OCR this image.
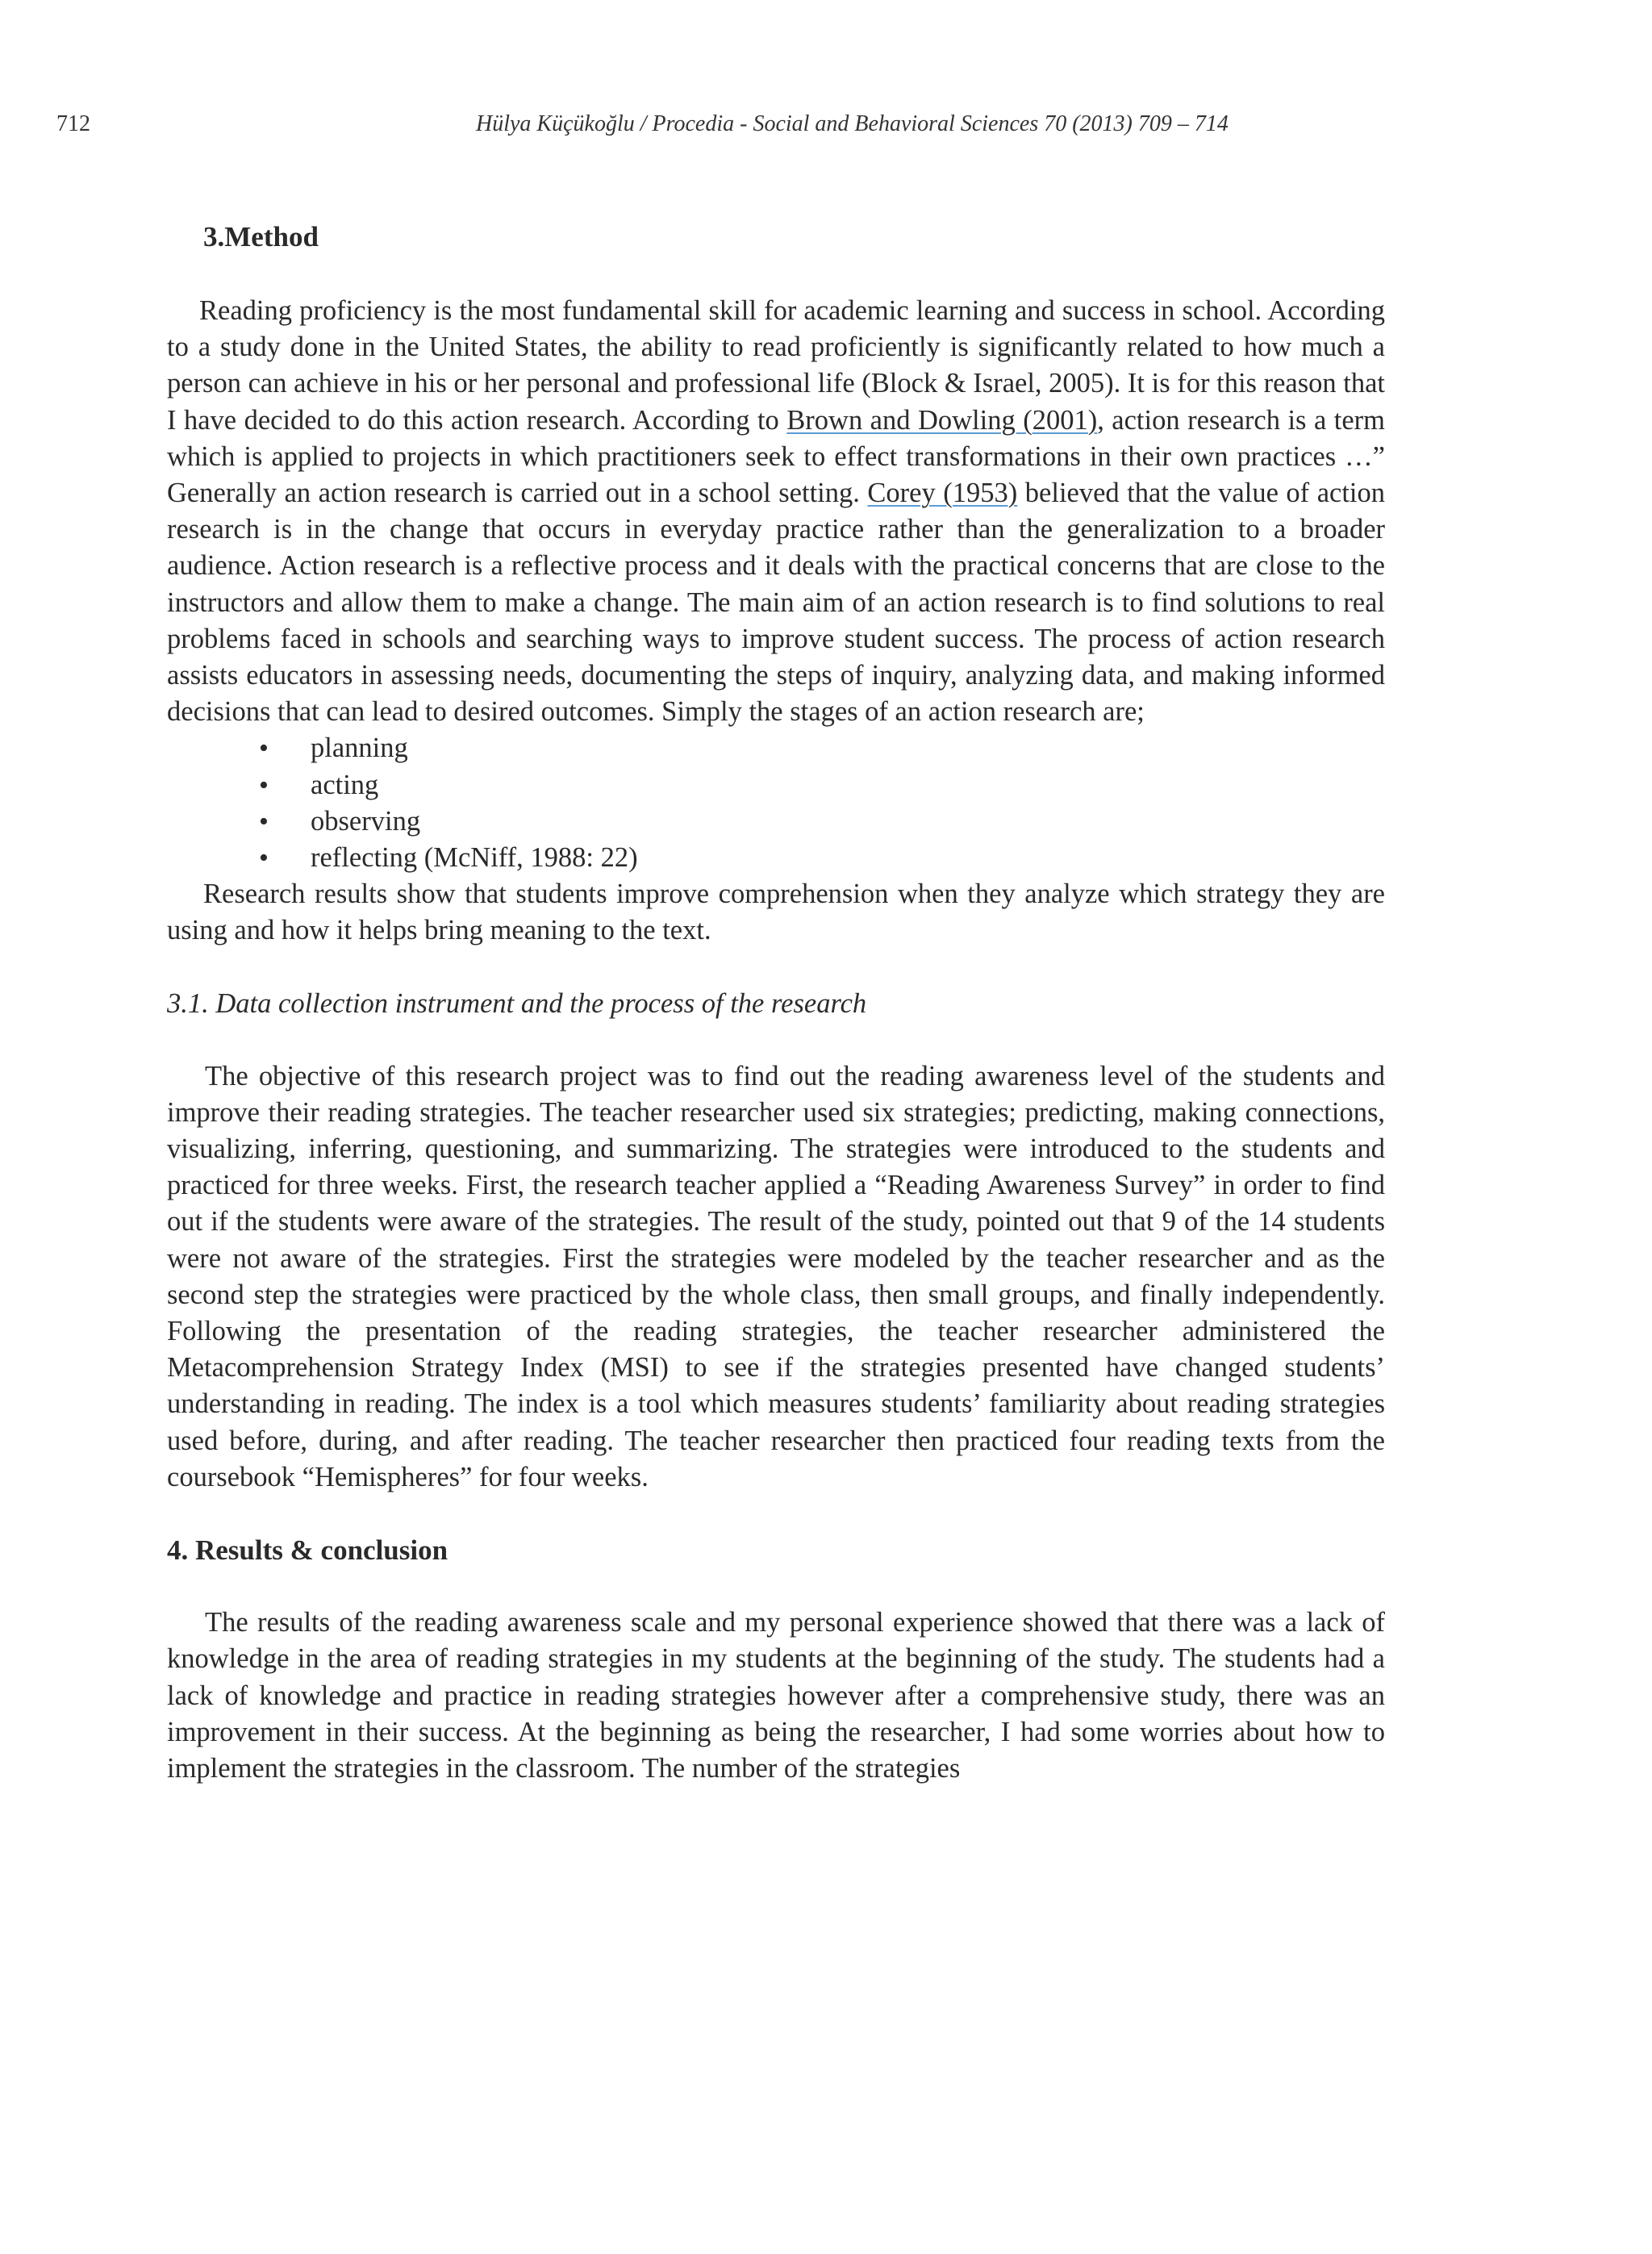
712	Hülya Küçükoğlu / Procedia - Social and Behavioral Sciences 70 (2013) 709 – 714
3.Method

Reading proficiency is the most fundamental skill for academic learning and success in school. According to a study done in the United States, the ability to read proficiently is significantly related to how much a person can achieve in his or her personal and professional life (Block & Israel, 2005). It is for this reason that I have decided to do this action research. According to Brown and Dowling (2001), action research is a term which is applied to projects in which practitioners seek to effect transformations in their own practices …” Generally an action research is carried out in a school setting. Corey (1953) believed that the value of action research is in the change that occurs in everyday practice rather than the generalization to a broader audience. Action research is a reflective process and it deals with the practical concerns that are close to the instructors and allow them to make a change. The main aim of an action research is to find solutions to real problems faced in schools and searching ways to improve student success. The process of action research assists educators in assessing needs, documenting the steps of inquiry, analyzing data, and making informed decisions that can lead to desired outcomes. Simply the stages of an action research are;

• planning
• acting
• observing
• reflecting (McNiff, 1988: 22)

Research results show that students improve comprehension when they analyze which strategy they are using and how it helps bring meaning to the text.

3.1. Data collection instrument and the process of the research

The objective of this research project was to find out the reading awareness level of the students and improve their reading strategies. The teacher researcher used six strategies; predicting, making connections, visualizing, inferring, questioning, and summarizing. The strategies were introduced to the students and practiced for three weeks. First, the research teacher applied a “Reading Awareness Survey” in order to find out if the students were aware of the strategies. The result of the study, pointed out that 9 of the 14 students were not aware of the strategies. First the strategies were modeled by the teacher researcher and as the second step the strategies were practiced by the whole class, then small groups, and finally independently. Following the presentation of the reading strategies, the teacher researcher administered the Metacomprehension Strategy Index (MSI) to see if the strategies presented have changed students’ understanding in reading. The index is a tool which measures students’ familiarity about reading strategies used before, during, and after reading. The teacher researcher then practiced four reading texts from the coursebook “Hemispheres” for four weeks.

4. Results & conclusion

The results of the reading awareness scale and my personal experience showed that there was a lack of knowledge in the area of reading strategies in my students at the beginning of the study. The students had a lack of knowledge and practice in reading strategies however after a comprehensive study, there was an improvement in their success. At the beginning as being the researcher, I had some worries about how to implement the strategies in the classroom. The number of the strategies
